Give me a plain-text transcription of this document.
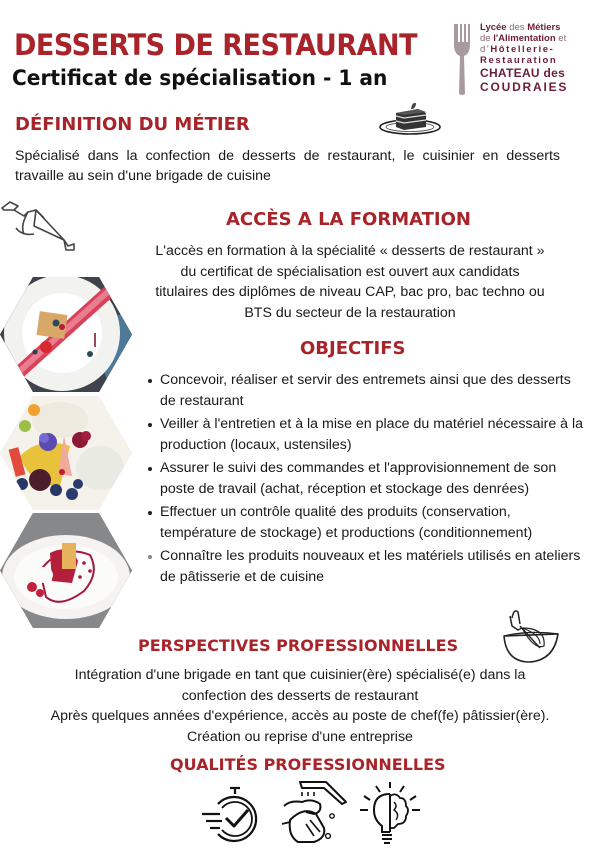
DESSERTS DE RESTAURANT
Certificat de spécialisation - 1 an
Lycée des Métiers
de l'Alimentation et
d'Hôtellerie-
Restauration
CHATEAU des
COUDRAIES
DÉFINITION DU MÉTIER
Spécialisé dans la confection de desserts de restaurant, le cuisinier en desserts travaille au sein d'une brigade de cuisine
ACCÈS A LA FORMATION
L'accès en formation à la spécialité « desserts de restaurant »
du certificat de spécialisation est ouvert aux candidats
titulaires des diplômes de niveau CAP, bac pro, bac techno ou
BTS du secteur de la restauration
OBJECTIFS
Concevoir, réaliser et servir des entremets ainsi que des desserts de restaurant
Veiller à l'entretien et à la mise en place du matériel nécessaire à la production (locaux, ustensiles)
Assurer le suivi des commandes et l'approvisionnement de son poste de travail (achat, réception et stockage des denrées)
Effectuer un contrôle qualité des produits (conservation, température de stockage) et productions (conditionnement)
Connaître les produits nouveaux et les matériels utilisés en ateliers de pâtisserie et de cuisine
PERSPECTIVES PROFESSIONNELLES
Intégration d'une brigade en tant que cuisinier(ère) spécialisé(e) dans la
confection des desserts de restaurant
Après quelques années d'expérience, accès au poste de chef(fe) pâtissier(ère).
Création ou reprise d'une entreprise
QUALITÉS PROFESSIONNELLES
